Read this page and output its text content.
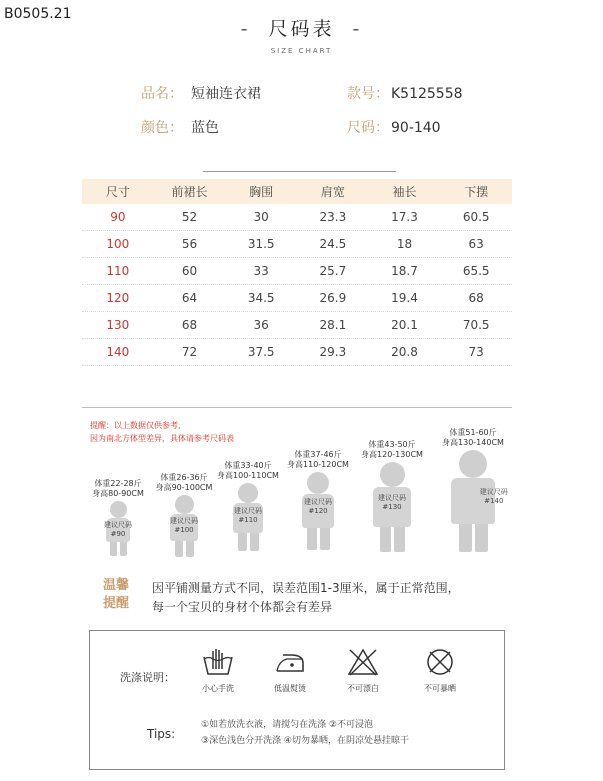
B0505.21
- 尺码表 -
SIZE CHART
品名： 短袖连衣裙	款号： K5125558
颜色： 蓝色	尺码： 90-140
尺寸	前裙长	胸围	肩宽	袖长	下摆
90	52	30	23.3	17.3	60.5
100	56	31.5	24.5	18	63
110	60	33	25.7	18.7	65.5
120	64	34.5	26.9	19.4	68
130	68	36	28.1	20.1	70.5
140	72	37.5	29.3	20.8	73
提醒：以上数据仅供参考，
因为南北方体型差异，具体请参考尺码表
体重22-28斤
身高80-90CM
建议尺码
#90
体重26-36斤
身高90-100CM
建议尺码
#100
体重33-40斤
身高100-110CM
建议尺码
#110
体重37-46斤
身高110-120CM
建议尺码
#120
体重43-50斤
身高120-130CM
建议尺码
#130
体重51-60斤
身高130-140CM
建议尺码
#140
温馨
提醒
因平铺测量方式不同，误差范围1-3厘米，属于正常范围，
每一个宝贝的身材个体都会有差异
洗涤说明：
小心手洗	低温熨烫	不可漂白	不可暴晒
Tips:
①如若放洗衣液，请搅匀在洗涤 ②不可浸泡
③深色浅色分开洗涤 ④切勿暴晒，在阴凉处悬挂晾干
